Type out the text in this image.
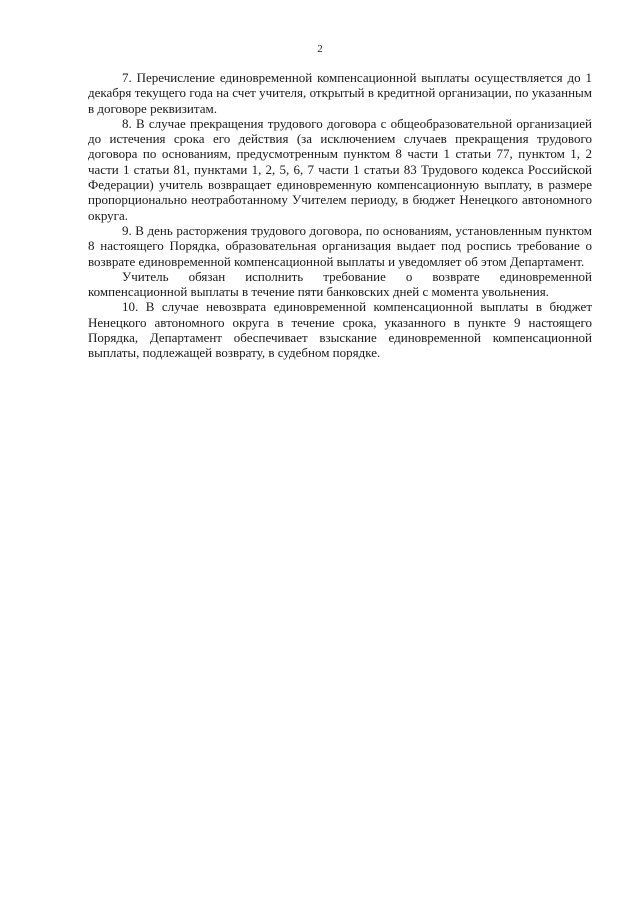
2

7. Перечисление единовременной компенсационной выплаты осуществляется до 1 декабря текущего года на счет учителя, открытый в кредитной организации, по указанным в договоре реквизитам.

8. В случае прекращения трудового договора с общеобразовательной организацией до истечения срока его действия (за исключением случаев прекращения трудового договора по основаниям, предусмотренным пунктом 8 части 1 статьи 77, пунктом 1, 2 части 1 статьи 81, пунктами 1, 2, 5, 6, 7 части 1 статьи 83 Трудового кодекса Российской Федерации) учитель возвращает единовременную компенсационную выплату, в размере пропорционально неотработанному Учителем периоду, в бюджет Ненецкого автономного округа.

9. В день расторжения трудового договора, по основаниям, установленным пунктом 8 настоящего Порядка, образовательная организация выдает под роспись требование о возврате единовременной компенсационной выплаты и уведомляет об этом Департамент.

Учитель обязан исполнить требование о возврате единовременной компенсационной выплаты в течение пяти банковских дней с момента увольнения.

10. В случае невозврата единовременной компенсационной выплаты в бюджет Ненецкого автономного округа в течение срока, указанного в пункте 9 настоящего Порядка, Департамент обеспечивает взыскание единовременной компенсационной выплаты, подлежащей возврату, в судебном порядке.
